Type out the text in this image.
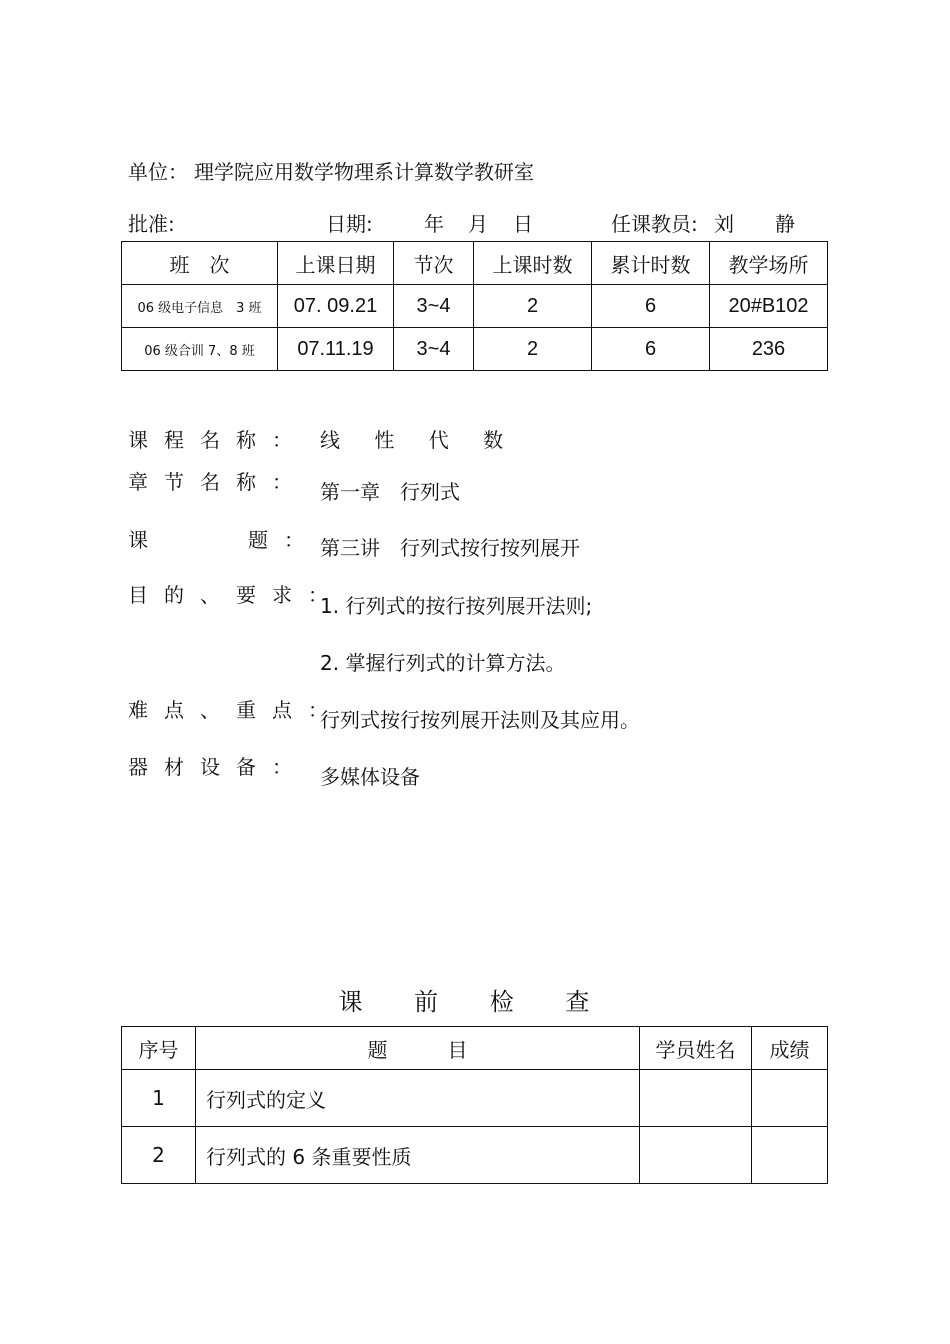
单位： 理学院应用数学物理系计算数学教研室
批准:	日期:	年 月 日	任课教员: 刘 静
班　次	上课日期	节次	上课时数	累计时数	教学场所
06 级电子信息　3 班	07. 09.21	3~4	2	6	20#B102
06 级合训 7、8 班	07.11.19	3~4	2	6	236
课程名称： 线 性 代 数
章节名称： 第一章　行列式
课	题： 第三讲　行列式按行按列展开
目的、要求：
1. 行列式的按行按列展开法则;
2. 掌握行列式的计算方法。
难点、重点：
行列式按行按列展开法则及其应用。
器材设备： 多媒体设备
课 前 检 查
序号	题　　　目	学员姓名	成绩
1	行列式的定义		
2	行列式的 6 条重要性质		
